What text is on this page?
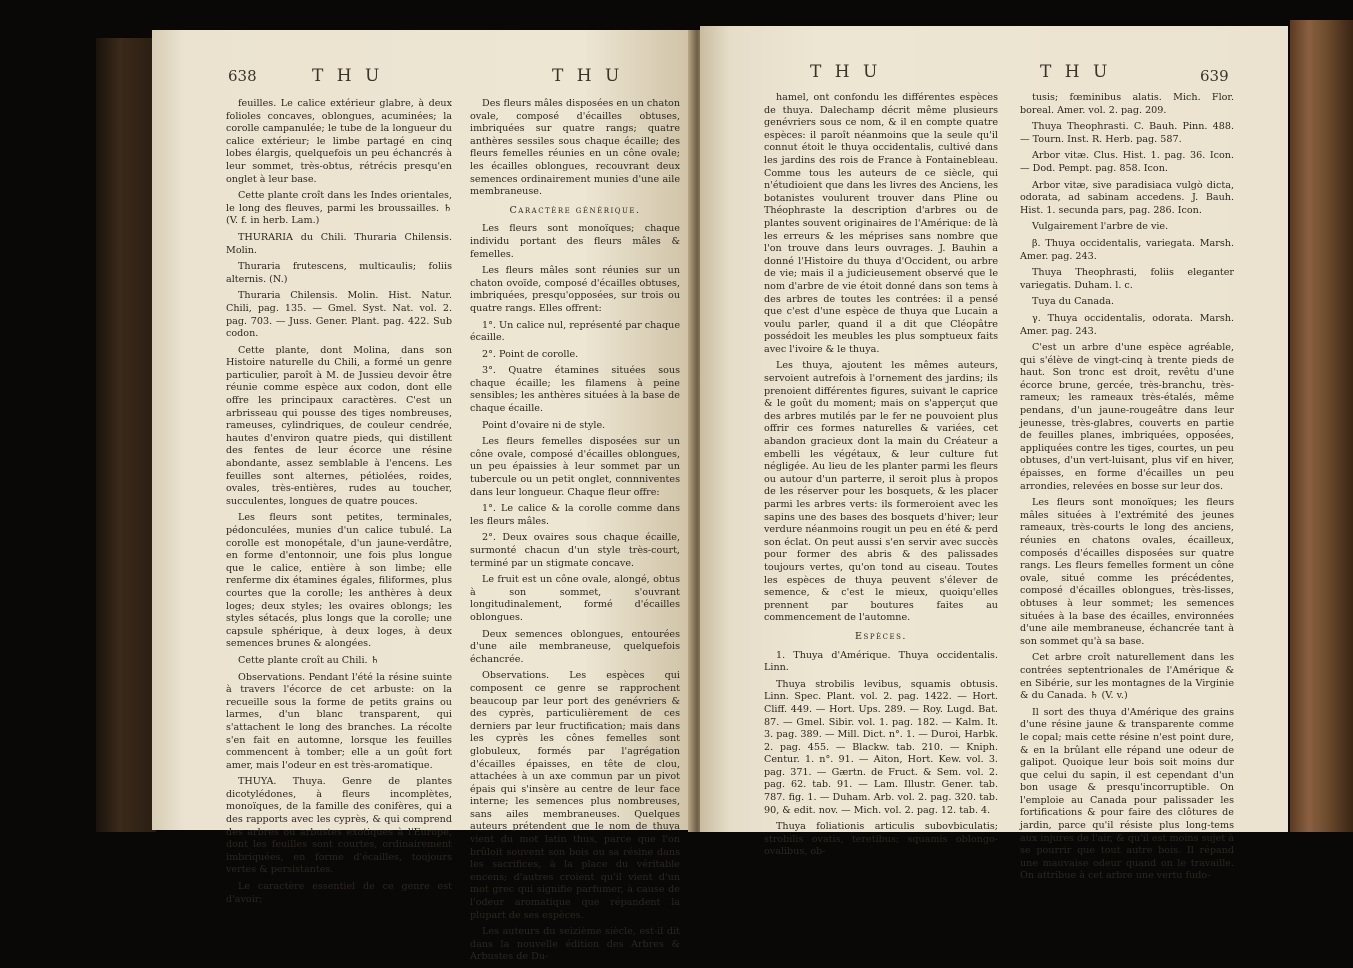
638	T H U	T H U

feuilles. Le calice extérieur glabre, à deux folioles concaves, oblongues, acuminées; la corolle campanulée; le tube de la longueur du calice extérieur; le limbe partagé en cinq lobes élargis, quelquefois un peu échancrés à leur sommet, très-obtus, rétrécis presqu'en onglet à leur base.

Cette plante croît dans les Indes orientales, le long des fleuves, parmi les broussailles. ♄ (V. f. in herb. Lam.)

THURARIA du Chili. Thuraria Chilensis. Molin.

Thuraria frutescens, multicaulis; foliis alternis. (N.)

Thuraria Chilensis. Molin. Hist. Natur. Chili, pag. 135. — Gmel. Syst. Nat. vol. 2. pag. 703. — Juss. Gener. Plant. pag. 422. Sub codon.

Cette plante, dont Molina, dans son Histoire naturelle du Chili, a formé un genre particulier, paroît à M. de Jussieu devoir être réunie comme espèce aux codon, dont elle offre les principaux caractères. C'est un arbrisseau qui pousse des tiges nombreuses, rameuses, cylindriques, de couleur cendrée, hautes d'environ quatre pieds, qui distillent des fentes de leur écorce une résine abondante, assez semblable à l'encens. Les feuilles sont alternes, pétiolées, roides, ovales, très-entières, rudes au toucher, succulentes, longues de quatre pouces.

Les fleurs sont petites, terminales, pédonculées, munies d'un calice tubulé. La corolle est monopétale, d'un jaune-verdâtre, en forme d'entonnoir, une fois plus longue que le calice, entière à son limbe; elle renferme dix étamines égales, filiformes, plus courtes que la corolle; les anthères à deux loges; deux styles; les ovaires oblongs; les styles sétacés, plus longs que la corolle; une capsule sphérique, à deux loges, à deux semences brunes & alongées.

Cette plante croît au Chili. ♄

Observations. Pendant l'été la résine suinte à travers l'écorce de cet arbuste: on la recueille sous la forme de petits grains ou larmes, d'un blanc transparent, qui s'attachent le long des branches. La récolte s'en fait en automne, lorsque les feuilles commencent à tomber; elle a un goût fort amer, mais l'odeur en est très-aromatique.

THUYA. Thuya. Genre de plantes dicotylédones, à fleurs incomplètes, monoïques, de la famille des conifères, qui a des rapports avec les cyprès, & qui comprend des arbres ou arbustes exotiques à l'Europe, dont les feuilles sont courtes, ordinairement imbriquées, en forme d'écailles, toujours vertes & persistantes.

Le caractère essentiel de ce genre est d'avoir;

Des fleurs mâles disposées en un chaton ovale, composé d'écailles obtuses, imbriquées sur quatre rangs; quatre anthères sessiles sous chaque écaille; des fleurs femelles réunies en un cône ovale; les écailles oblongues, recouvrant deux semences ordinairement munies d'une aile membraneuse.

Caractère générique.

Les fleurs sont monoïques; chaque individu portant des fleurs mâles & femelles.

Les fleurs mâles sont réunies sur un chaton ovoïde, composé d'écailles obtuses, imbriquées, presqu'opposées, sur trois ou quatre rangs. Elles offrent:

1°. Un calice nul, représenté par chaque écaille.

2°. Point de corolle.

3°. Quatre étamines situées sous chaque écaille; les filamens à peine sensibles; les anthères situées à la base de chaque écaille.

Point d'ovaire ni de style.

Les fleurs femelles disposées sur un cône ovale, composé d'écailles oblongues, un peu épaissies à leur sommet par un tubercule ou un petit onglet, connniventes dans leur longueur. Chaque fleur offre:

1°. Le calice & la corolle comme dans les fleurs mâles.

2°. Deux ovaires sous chaque écaille, surmonté chacun d'un style très-court, terminé par un stigmate concave.

Le fruit est un cône ovale, alongé, obtus à son sommet, s'ouvrant longitudinalement, formé d'écailles oblongues.

Deux semences oblongues, entourées d'une aile membraneuse, quelquefois échancrée.

Observations. Les espèces qui composent ce genre se rapprochent beaucoup par leur port des genévriers & des cyprès, particulièrement de ces derniers par leur fructification; mais dans les cyprès les cônes femelles sont globuleux, formés par l'agrégation d'écailles épaisses, en tête de clou, attachées à un axe commun par un pivot épais qui s'insère au centre de leur face interne; les semences plus nombreuses, sans ailes membraneuses. Quelques auteurs prétendent que le nom de thuya vient du mot latin thus, parce que l'on brûloit souvent son bois ou sa résine dans les sacrifices, à la place du véritable encens; d'autres croient qu'il vient d'un mot grec qui signifie parfumer, à cause de l'odeur aromatique que répandent la plupart de ses espèces.

Les auteurs du seizième siècle, est-il dit dans la nouvelle édition des Arbres & Arbustes de Du-

T H U	T H U	639

hamel, ont confondu les différentes espèces de thuya. Dalechamp décrit même plusieurs genévriers sous ce nom, & il en compte quatre espèces: il paroît néanmoins que la seule qu'il connut étoit le thuya occidentalis, cultivé dans les jardins des rois de France à Fontainebleau. Comme tous les auteurs de ce siècle, qui n'étudioient que dans les livres des Anciens, les botanistes voulurent trouver dans Pline ou Théophraste la description d'arbres ou de plantes souvent originaires de l'Amérique: de là les erreurs & les méprises sans nombre que l'on trouve dans leurs ouvrages. J. Bauhin a donné l'Histoire du thuya d'Occident, ou arbre de vie; mais il a judicieusement observé que le nom d'arbre de vie étoit donné dans son tems à des arbres de toutes les contrées: il a pensé que c'est d'une espèce de thuya que Lucain a voulu parler, quand il a dit que Cléopâtre possédoit les meubles les plus somptueux faits avec l'ivoire & le thuya.

Les thuya, ajoutent les mêmes auteurs, servoient autrefois à l'ornement des jardins; ils prenoient différentes figures, suivant le caprice & le goût du moment; mais on s'apperçut que des arbres mutilés par le fer ne pouvoient plus offrir ces formes naturelles & variées, cet abandon gracieux dont la main du Créateur a embelli les végétaux, & leur culture fut négligée. Au lieu de les planter parmi les fleurs ou autour d'un parterre, il seroit plus à propos de les réserver pour les bosquets, & les placer parmi les arbres verts: ils formeroient avec les sapins une des bases des bosquets d'hiver; leur verdure néanmoins rougit un peu en été & perd son éclat. On peut aussi s'en servir avec succès pour former des abris & des palissades toujours vertes, qu'on tond au ciseau. Toutes les espèces de thuya peuvent s'élever de semence, & c'est le mieux, quoiqu'elles prennent par boutures faites au commencement de l'automne.

Espèces.

1. Thuya d'Amérique. Thuya occidentalis. Linn.

Thuya strobilis levibus, squamis obtusis. Linn. Spec. Plant. vol. 2. pag. 1422. — Hort. Cliff. 449. — Hort. Ups. 289. — Roy. Lugd. Bat. 87. — Gmel. Sibir. vol. 1. pag. 182. — Kalm. It. 3. pag. 389. — Mill. Dict. n°. 1. — Duroi, Harbk. 2. pag. 455. — Blackw. tab. 210. — Kniph. Centur. 1. n°. 91. — Aiton, Hort. Kew. vol. 3. pag. 371. — Gærtn. de Fruct. & Sem. vol. 2. pag. 62. tab. 91. — Lam. Illustr. Gener. tab. 787. fig. 1. — Duham. Arb. vol. 2. pag. 320. tab. 90, & edit. nov. — Mich. vol. 2. pag. 12. tab. 4.

Thuya foliationis articulis subovbiculatis; strobilis ovatis, teretibus; squamis oblongo-ovalibus, ob-

tusis; fœminibus alatis. Mich. Flor. boreal. Amer. vol. 2. pag. 209.

Thuya Theophrasti. C. Bauh. Pinn. 488. — Tourn. Inst. R. Herb. pag. 587.

Arbor vitæ. Clus. Hist. 1. pag. 36. Icon. — Dod. Pempt. pag. 858. Icon.

Arbor vitæ, sive paradisiaca vulgò dicta, odorata, ad sabinam accedens. J. Bauh. Hist. 1. secunda pars, pag. 286. Icon.

Vulgairement l'arbre de vie.

β. Thuya occidentalis, variegata. Marsh. Amer. pag. 243.

Thuya Theophrasti, foliis eleganter variegatis. Duham. l. c.

Tuya du Canada.

γ. Thuya occidentalis, odorata. Marsh. Amer. pag. 243.

C'est un arbre d'une espèce agréable, qui s'élève de vingt-cinq à trente pieds de haut. Son tronc est droit, revêtu d'une écorce brune, gercée, très-branchu, très-rameux; les rameaux très-étalés, même pendans, d'un jaune-rougeâtre dans leur jeunesse, très-glabres, couverts en partie de feuilles planes, imbriquées, opposées, appliquées contre les tiges, courtes, un peu obtuses, d'un vert-luisant, plus vif en hiver, épaisses, en forme d'écailles un peu arrondies, relevées en bosse sur leur dos.

Les fleurs sont monoïques; les fleurs mâles situées à l'extrémité des jeunes rameaux, très-courts le long des anciens, réunies en chatons ovales, écailleux, composés d'écailles disposées sur quatre rangs. Les fleurs femelles forment un cône ovale, situé comme les précédentes, composé d'écailles oblongues, très-lisses, obtuses à leur sommet; les semences situées à la base des écailles, environnées d'une aile membraneuse, échancrée tant à son sommet qu'à sa base.

Cet arbre croît naturellement dans les contrées septentrionales de l'Amérique & en Sibérie, sur les montagnes de la Virginie & du Canada. ♄ (V. v.)

Il sort des thuya d'Amérique des grains d'une résine jaune & transparente comme le copal; mais cette résine n'est point dure, & en la brûlant elle répand une odeur de galipot. Quoique leur bois soit moins dur que celui du sapin, il est cependant d'un bon usage & presqu'incorruptible. On l'emploie au Canada pour palissader les fortifications & pour faire des clôtures de jardin, parce qu'il résiste plus long-tems aux injures de l'air, & qu'il est moins sujet à se pourrir que tout autre bois. Il répand une mauvaise odeur quand on le travaille. On attribue à cet arbre une vertu fudo-
